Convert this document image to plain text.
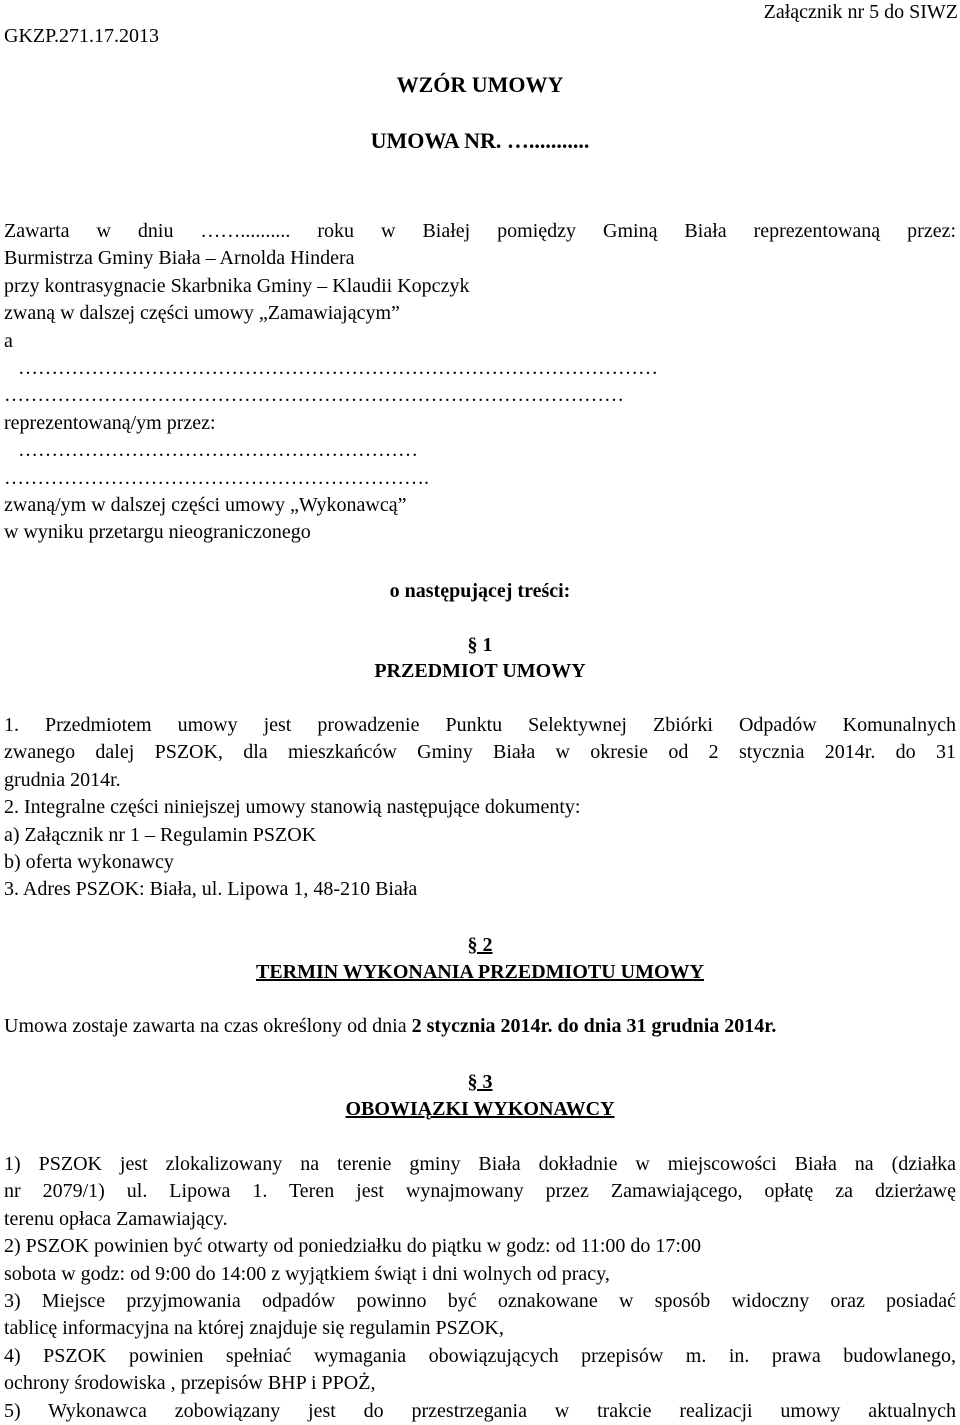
GKZP.271.17.2013
Załącznik nr 5 do SIWZ
WZÓR UMOWY
UMOWA NR. …...........
Zawarta w dniu …….......... roku w Białej pomiędzy Gminą Biała reprezentowaną przez:
Burmistrza Gminy Biała – Arnolda Hindera
przy kontrasygnacie Skarbnika Gminy – Klaudii Kopczyk
zwaną w dalszej części umowy „Zamawiającym”
a
……………………………………………………………………………………
…………………………………………………………………………………
reprezentowaną/ym przez:
……………………………………………………
……………………………………………………….
zwaną/ym w dalszej części umowy „Wykonawcą”
w wyniku przetargu nieograniczonego
o następującej treści:
§ 1
PRZEDMIOT UMOWY
1. Przedmiotem umowy jest prowadzenie Punktu Selektywnej Zbiórki Odpadów Komunalnych
zwanego dalej PSZOK, dla mieszkańców Gminy Biała w okresie od 2 stycznia 2014r. do 31
grudnia 2014r.
2. Integralne części niniejszej umowy stanowią następujące dokumenty:
a) Załącznik nr 1 – Regulamin PSZOK
b) oferta wykonawcy
3. Adres PSZOK: Biała, ul. Lipowa 1, 48-210 Biała
§ 2
TERMIN WYKONANIA PRZEDMIOTU UMOWY
Umowa zostaje zawarta na czas określony od dnia 2 stycznia 2014r. do dnia 31 grudnia 2014r.
§ 3
OBOWIĄZKI WYKONAWCY
1) PSZOK jest zlokalizowany na terenie gminy Biała dokładnie w miejscowości Biała na (działka
nr 2079/1) ul. Lipowa 1. Teren jest wynajmowany przez Zamawiającego, opłatę za dzierżawę
terenu opłaca Zamawiający.
2) PSZOK powinien być otwarty od poniedziałku do piątku w godz: od 11:00 do 17:00
sobota w godz: od 9:00 do 14:00 z wyjątkiem świąt i dni wolnych od pracy,
3) Miejsce przyjmowania odpadów powinno być oznakowane w sposób widoczny oraz posiadać
tablicę informacyjna na której znajduje się regulamin PSZOK,
4) PSZOK powinien spełniać wymagania obowiązujących przepisów m. in. prawa budowlanego,
ochrony środowiska , przepisów BHP i PPOŻ,
5) Wykonawca zobowiązany jest do przestrzegania w trakcie realizacji umowy aktualnych
